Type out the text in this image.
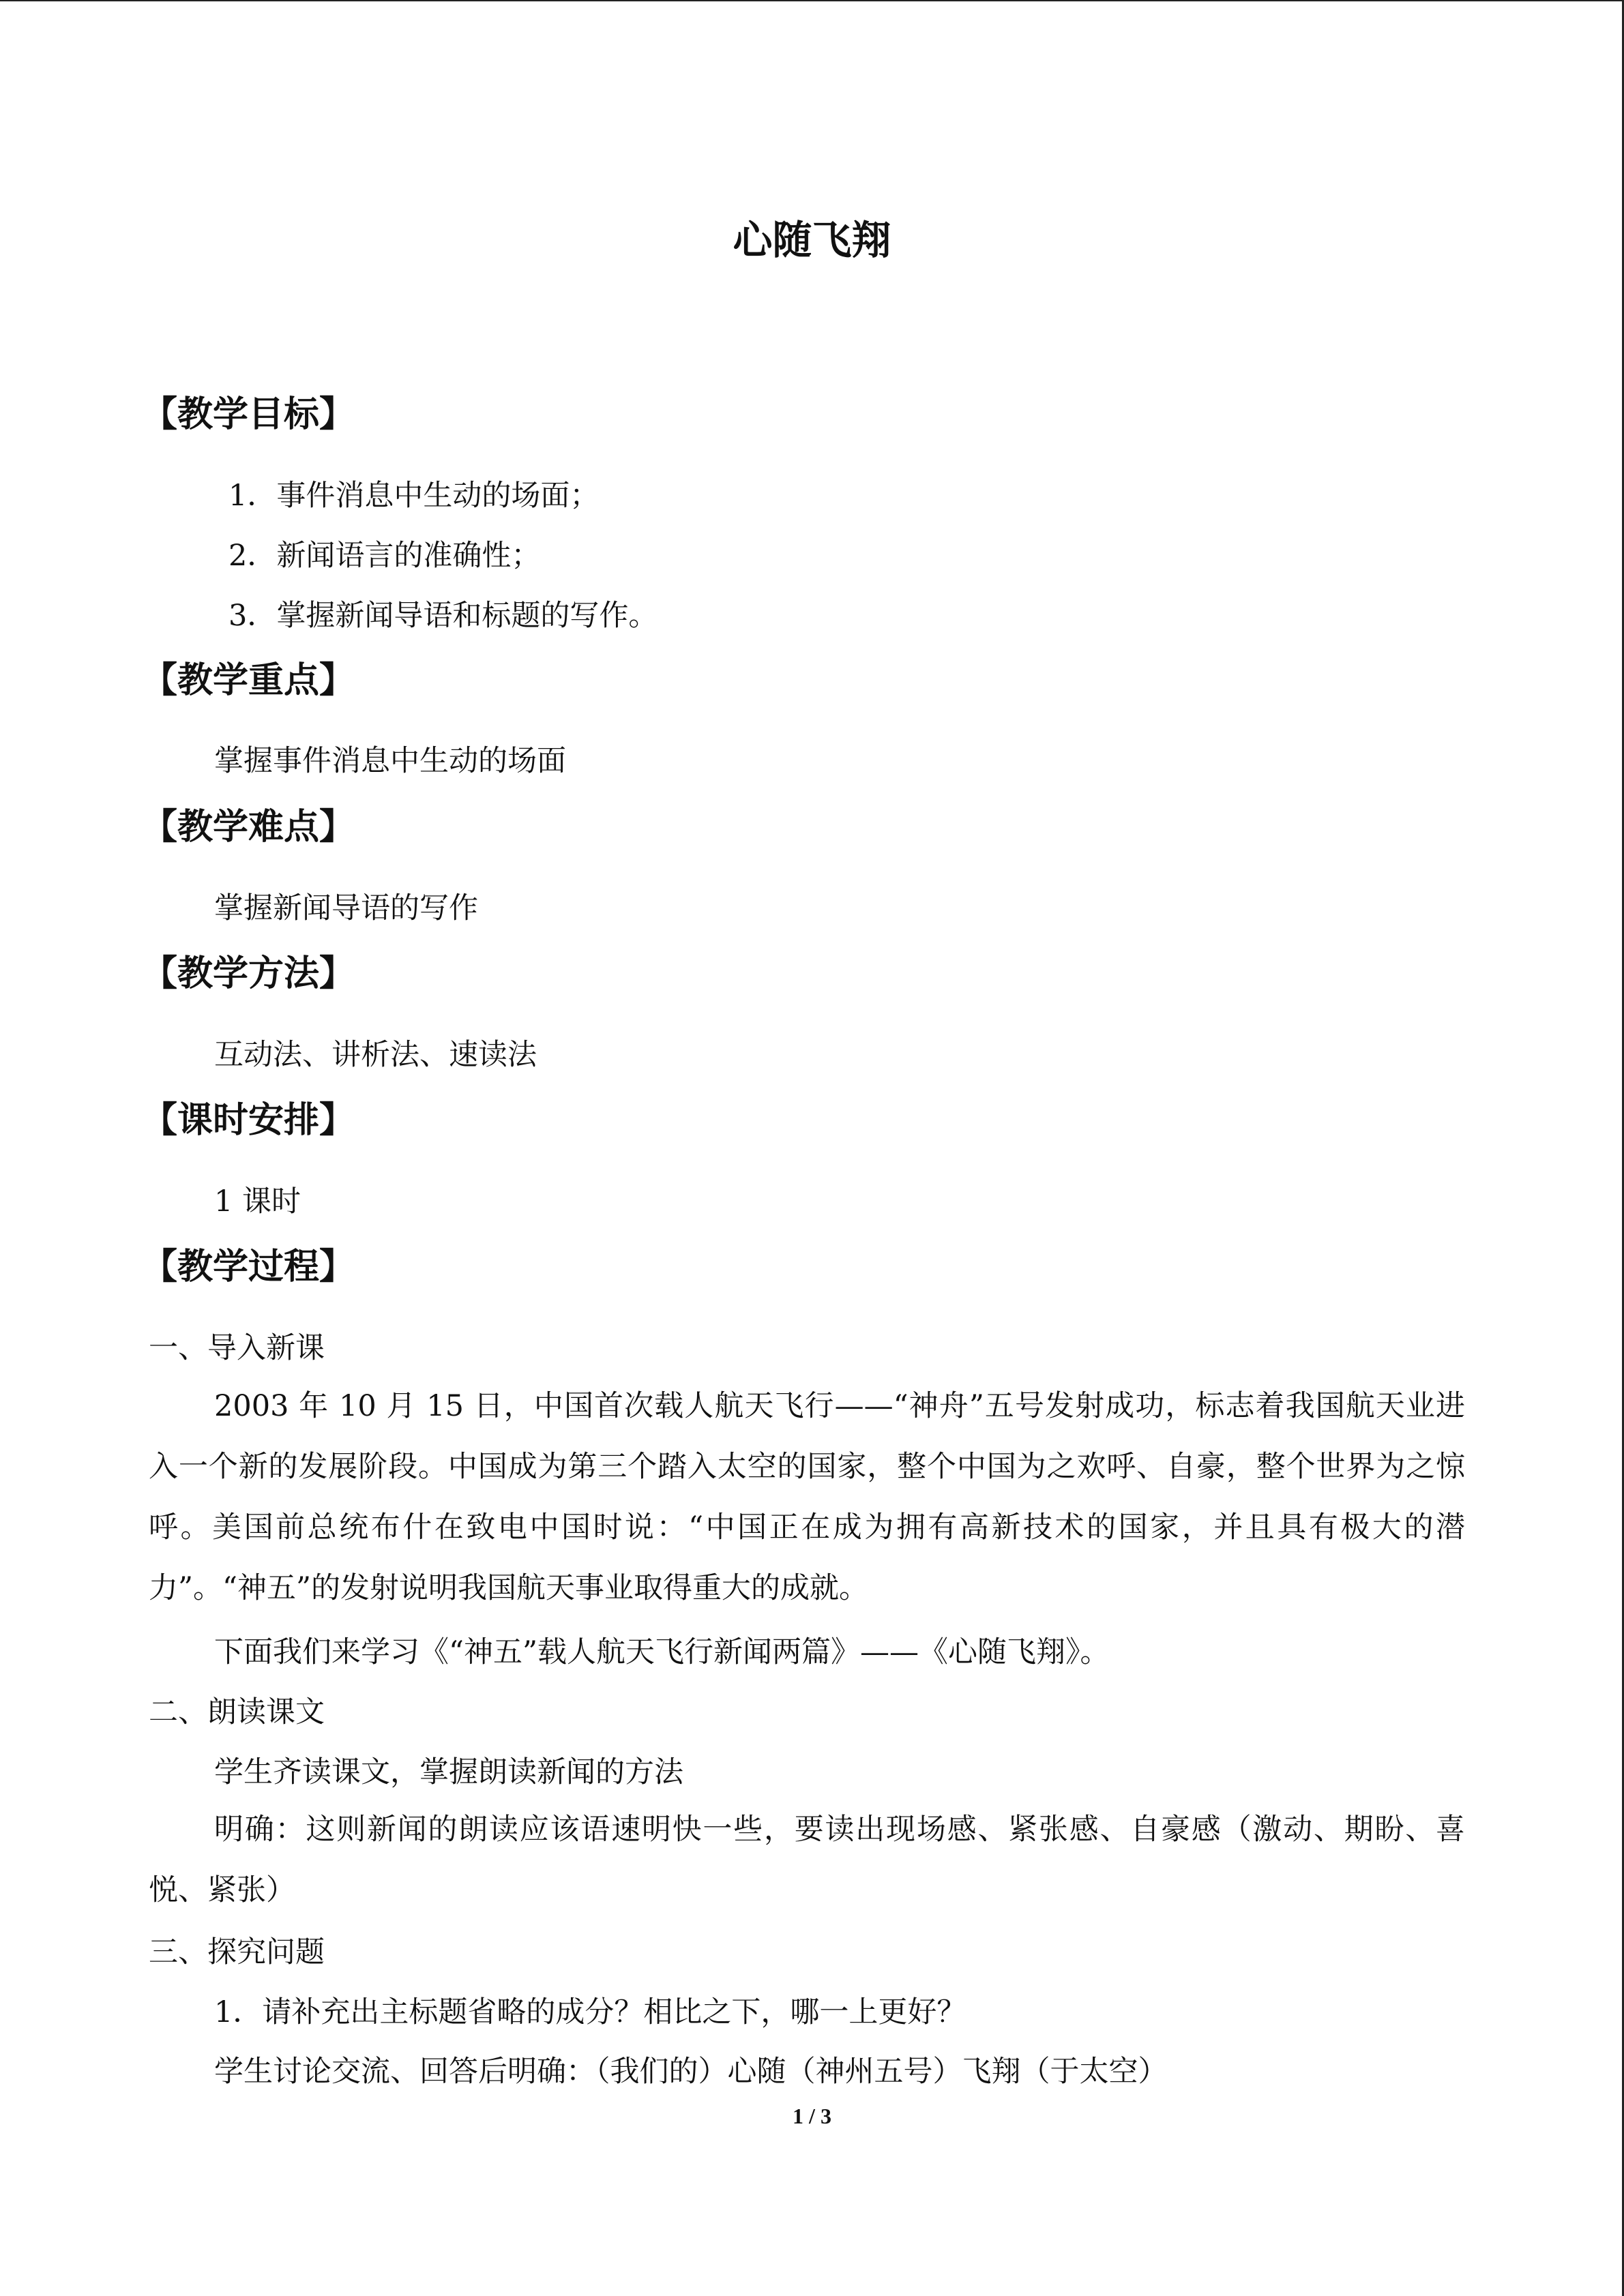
心随飞翔
【教学目标】
1．事件消息中生动的场面；
2．新闻语言的准确性；
3．掌握新闻导语和标题的写作。
【教学重点】
掌握事件消息中生动的场面
【教学难点】
掌握新闻导语的写作
【教学方法】
互动法、讲析法、速读法
【课时安排】
1 课时
【教学过程】
一、导入新课
2003 年 10 月 15 日，中国首次载人航天飞行——“神舟”五号发射成功，标志着我国航天业进入一个新的发展阶段。中国成为第三个踏入太空的国家，整个中国为之欢呼、自豪，整个世界为之惊呼。美国前总统布什在致电中国时说：“中国正在成为拥有高新技术的国家，并且具有极大的潜力”。“神五”的发射说明我国航天事业取得重大的成就。
下面我们来学习《“神五”载人航天飞行新闻两篇》——《心随飞翔》。
二、朗读课文
学生齐读课文，掌握朗读新闻的方法
明确：这则新闻的朗读应该语速明快一些，要读出现场感、紧张感、自豪感（激动、期盼、喜悦、紧张）
三、探究问题
1．请补充出主标题省略的成分？相比之下，哪一上更好？
学生讨论交流、回答后明确：（我们的）心随（神州五号）飞翔（于太空）
1 / 3
